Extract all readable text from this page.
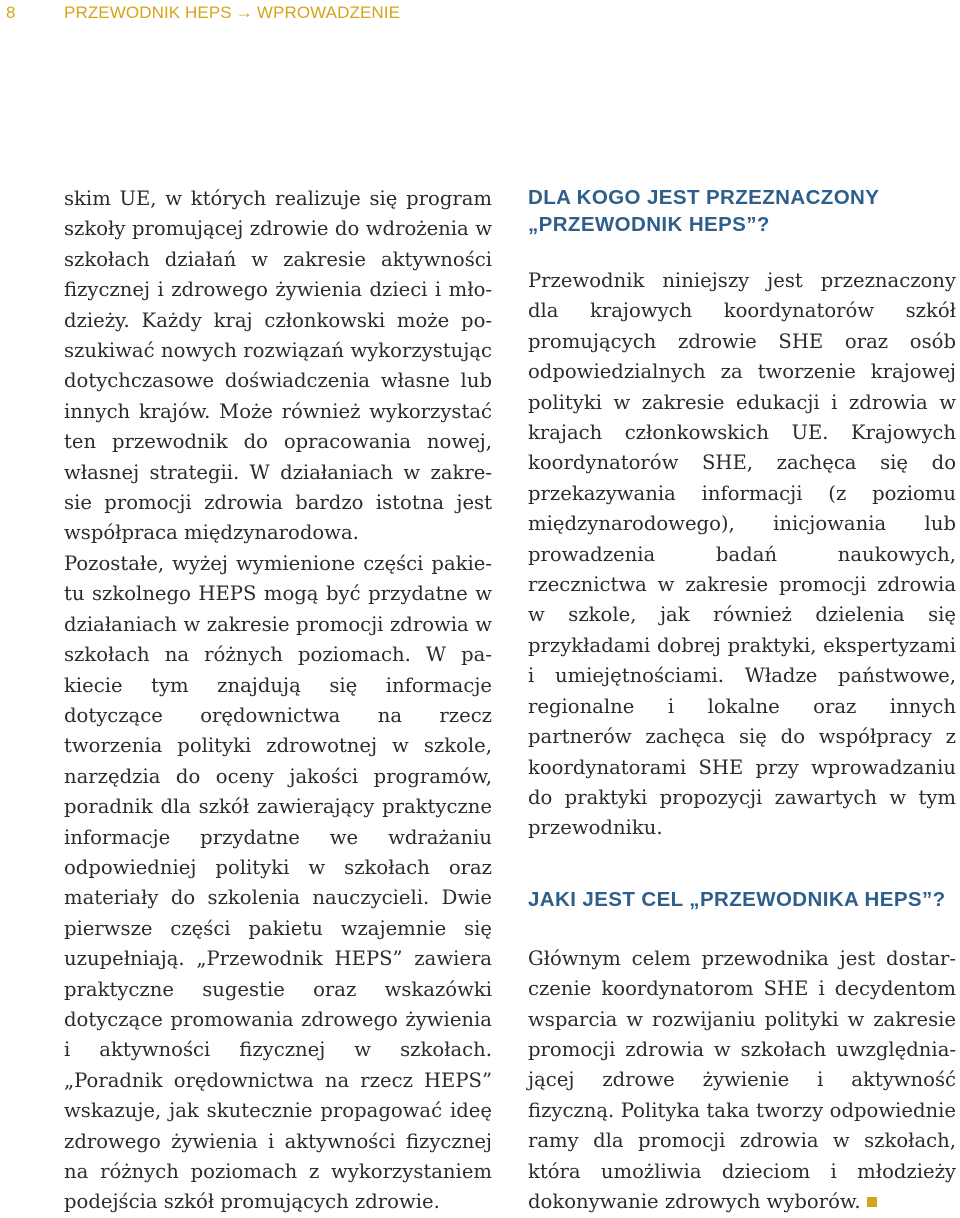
8	PRZEWODNIK HEPS → WPROWADZENIE

skim UE, w których realizuje się program szkoły promującej zdrowie do wdrożenia w szkołach działań w zakresie aktywności fizycznej i zdrowego żywienia dzieci i młodzieży. Każdy kraj członkowski może poszukiwać nowych rozwiązań wykorzystując dotychczasowe doświadczenia własne lub innych krajów. Może również wykorzystać ten przewodnik do opracowania nowej, własnej strategii. W działaniach w zakresie promocji zdrowia bardzo istotna jest współpraca międzynarodowa.

Pozostałe, wyżej wymienione części pakietu szkolnego HEPS mogą być przydatne w działaniach w zakresie promocji zdrowia w szkołach na różnych poziomach. W pakiecie tym znajdują się informacje dotyczące orędownictwa na rzecz tworzenia polityki zdrowotnej w szkole, narzędzia do oceny jakości programów, poradnik dla szkół zawierający praktyczne informacje przydatne we wdrażaniu odpowiedniej polityki w szkołach oraz materiały do szkolenia nauczycieli. Dwie pierwsze części pakietu wzajemnie się uzupełniają. „Przewodnik HEPS” zawiera praktyczne sugestie oraz wskazówki dotyczące promowania zdrowego żywienia i aktywności fizycznej w szkołach. „Poradnik orędownictwa na rzecz HEPS” wskazuje, jak skutecznie propagować ideę zdrowego żywienia i aktywności fizycznej na różnych poziomach z wykorzystaniem podejścia szkół promujących zdrowie.

DLA KOGO JEST PRZEZNACZONY „PRZEWODNIK HEPS”?

Przewodnik niniejszy jest przeznaczony dla krajowych koordynatorów szkół promujących zdrowie SHE oraz osób odpowiedzialnych za tworzenie krajowej polityki w zakresie edukacji i zdrowia w krajach członkowskich UE. Krajowych koordynatorów SHE, zachęca się do przekazywania informacji (z poziomu międzynarodowego), inicjowania lub prowadzenia badań naukowych, rzecznictwa w zakresie promocji zdrowia w szkole, jak również dzielenia się przykładami dobrej praktyki, ekspertyzami i umiejętnościami. Władze państwowe, regionalne i lokalne oraz innych partnerów zachęca się do współpracy z koordynatorami SHE przy wprowadzaniu do praktyki propozycji zawartych w tym przewodniku.

JAKI JEST CEL „PRZEWODNIKA HEPS”?

Głównym celem przewodnika jest dostarczenie koordynatorom SHE i decydentom wsparcia w rozwijaniu polityki w zakresie promocji zdrowia w szkołach uwzględniającej zdrowe żywienie i aktywność fizyczną. Polityka taka tworzy odpowiednie ramy dla promocji zdrowia w szkołach, która umożliwia dzieciom i młodzieży dokonywanie zdrowych wyborów.
